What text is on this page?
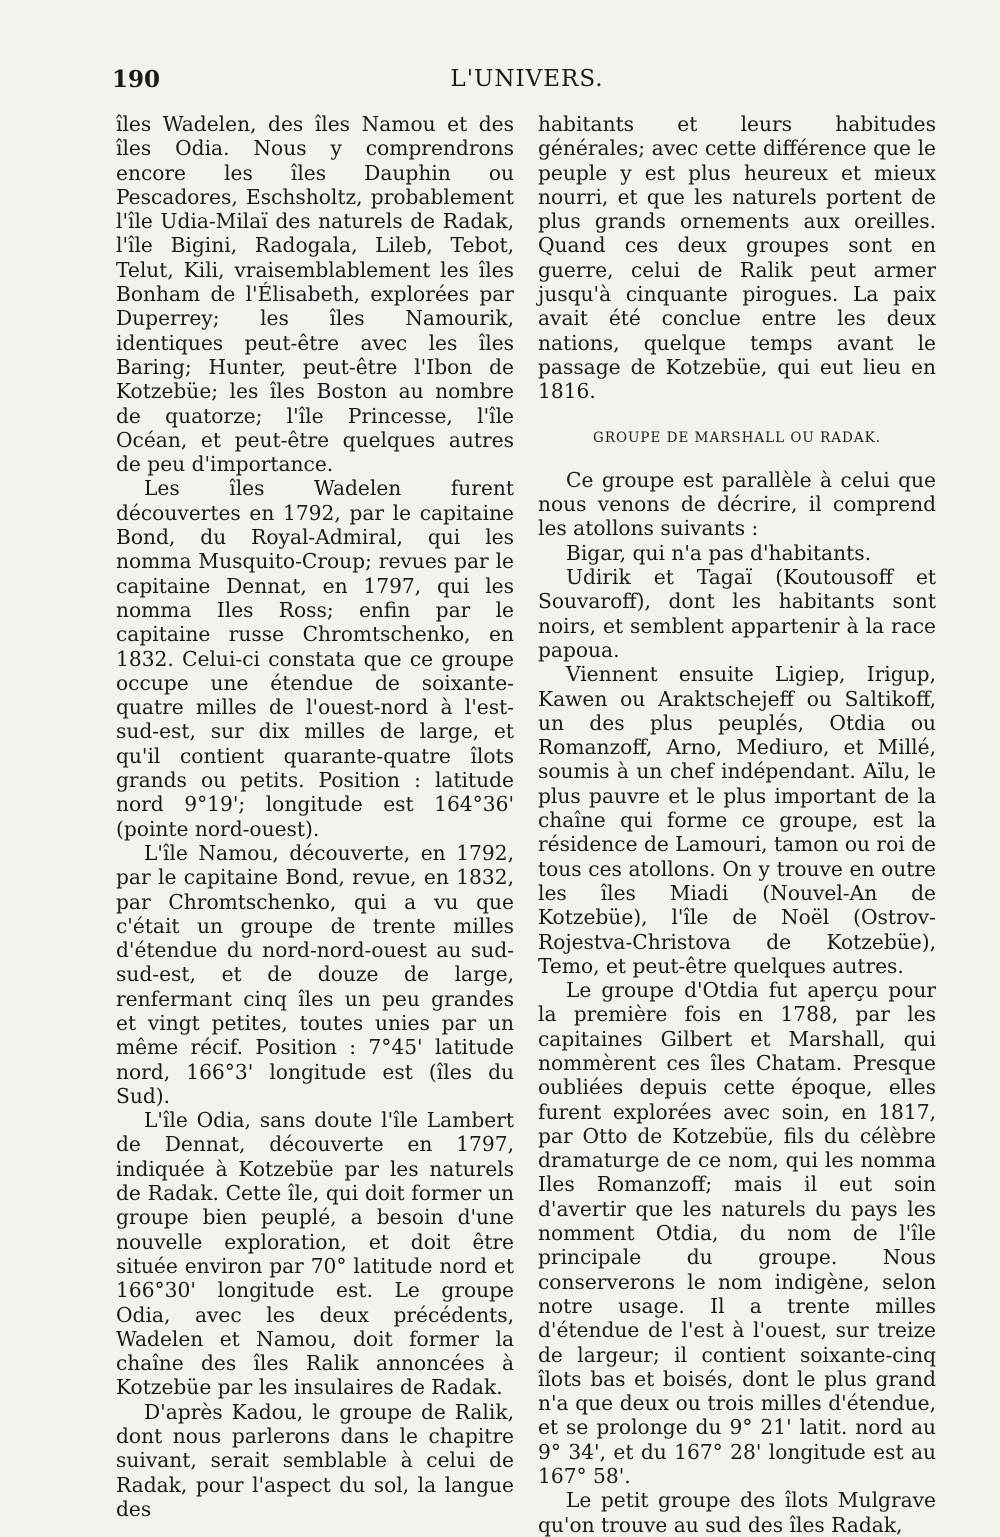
190	L'UNIVERS.

îles Wadelen, des îles Namou et des îles Odia. Nous y comprendrons encore les îles Dauphin ou Pescadores, Eschsholtz, probablement l'île Udia-Milaï des naturels de Radak, l'île Bigini, Radogala, Lileb, Tebot, Telut, Kili, vraisemblablement les îles Bonham de l'Élisabeth, explorées par Duperrey; les îles Namourik, identiques peut-être avec les îles Baring; Hunter, peut-être l'Ibon de Kotzebüe; les îles Boston au nombre de quatorze; l'île Princesse, l'île Océan, et peut-être quelques autres de peu d'importance.

Les îles Wadelen furent découvertes en 1792, par le capitaine Bond, du Royal-Admiral, qui les nomma Musquito-Croup; revues par le capitaine Dennat, en 1797, qui les nomma Iles Ross; enfin par le capitaine russe Chromtschenko, en 1832. Celui-ci constata que ce groupe occupe une étendue de soixante-quatre milles de l'ouest-nord à l'est-sud-est, sur dix milles de large, et qu'il contient quarante-quatre îlots grands ou petits. Position : latitude nord 9°19'; longitude est 164°36' (pointe nord-ouest).

L'île Namou, découverte, en 1792, par le capitaine Bond, revue, en 1832, par Chromtschenko, qui a vu que c'était un groupe de trente milles d'étendue du nord-nord-ouest au sud-sud-est, et de douze de large, renfermant cinq îles un peu grandes et vingt petites, toutes unies par un même récif. Position : 7°45' latitude nord, 166°3' longitude est (îles du Sud).

L'île Odia, sans doute l'île Lambert de Dennat, découverte en 1797, indiquée à Kotzebüe par les naturels de Radak. Cette île, qui doit former un groupe bien peuplé, a besoin d'une nouvelle exploration, et doit être située environ par 70° latitude nord et 166°30' longitude est. Le groupe Odia, avec les deux précédents, Wadelen et Namou, doit former la chaîne des îles Ralik annoncées à Kotzebüe par les insulaires de Radak.

D'après Kadou, le groupe de Ralik, dont nous parlerons dans le chapitre suivant, serait semblable à celui de Radak, pour l'aspect du sol, la langue des

habitants et leurs habitudes générales; avec cette différence que le peuple y est plus heureux et mieux nourri, et que les naturels portent de plus grands ornements aux oreilles. Quand ces deux groupes sont en guerre, celui de Ralik peut armer jusqu'à cinquante pirogues. La paix avait été conclue entre les deux nations, quelque temps avant le passage de Kotzebüe, qui eut lieu en 1816.

GROUPE DE MARSHALL OU RADAK.

Ce groupe est parallèle à celui que nous venons de décrire, il comprend les atollons suivants :

Bigar, qui n'a pas d'habitants.

Udirik et Tagaï (Koutousoff et Souvaroff), dont les habitants sont noirs, et semblent appartenir à la race papoua.

Viennent ensuite Ligiep, Irigup, Kawen ou Araktschejeff ou Saltikoff, un des plus peuplés, Otdia ou Romanzoff, Arno, Mediuro, et Millé, soumis à un chef indépendant. Aïlu, le plus pauvre et le plus important de la chaîne qui forme ce groupe, est la résidence de Lamouri, tamon ou roi de tous ces atollons. On y trouve en outre les îles Miadi (Nouvel-An de Kotzebüe), l'île de Noël (Ostrov-Rojestva-Christova de Kotzebüe), Temo, et peut-être quelques autres.

Le groupe d'Otdia fut aperçu pour la première fois en 1788, par les capitaines Gilbert et Marshall, qui nommèrent ces îles Chatam. Presque oubliées depuis cette époque, elles furent explorées avec soin, en 1817, par Otto de Kotzebüe, fils du célèbre dramaturge de ce nom, qui les nomma Iles Romanzoff; mais il eut soin d'avertir que les naturels du pays les nomment Otdia, du nom de l'île principale du groupe. Nous conserverons le nom indigène, selon notre usage. Il a trente milles d'étendue de l'est à l'ouest, sur treize de largeur; il contient soixante-cinq îlots bas et boisés, dont le plus grand n'a que deux ou trois milles d'étendue, et se prolonge du 9° 21' latit. nord au 9° 34', et du 167° 28' longitude est au 167° 58'.

Le petit groupe des îlots Mulgrave qu'on trouve au sud des îles Radak,
